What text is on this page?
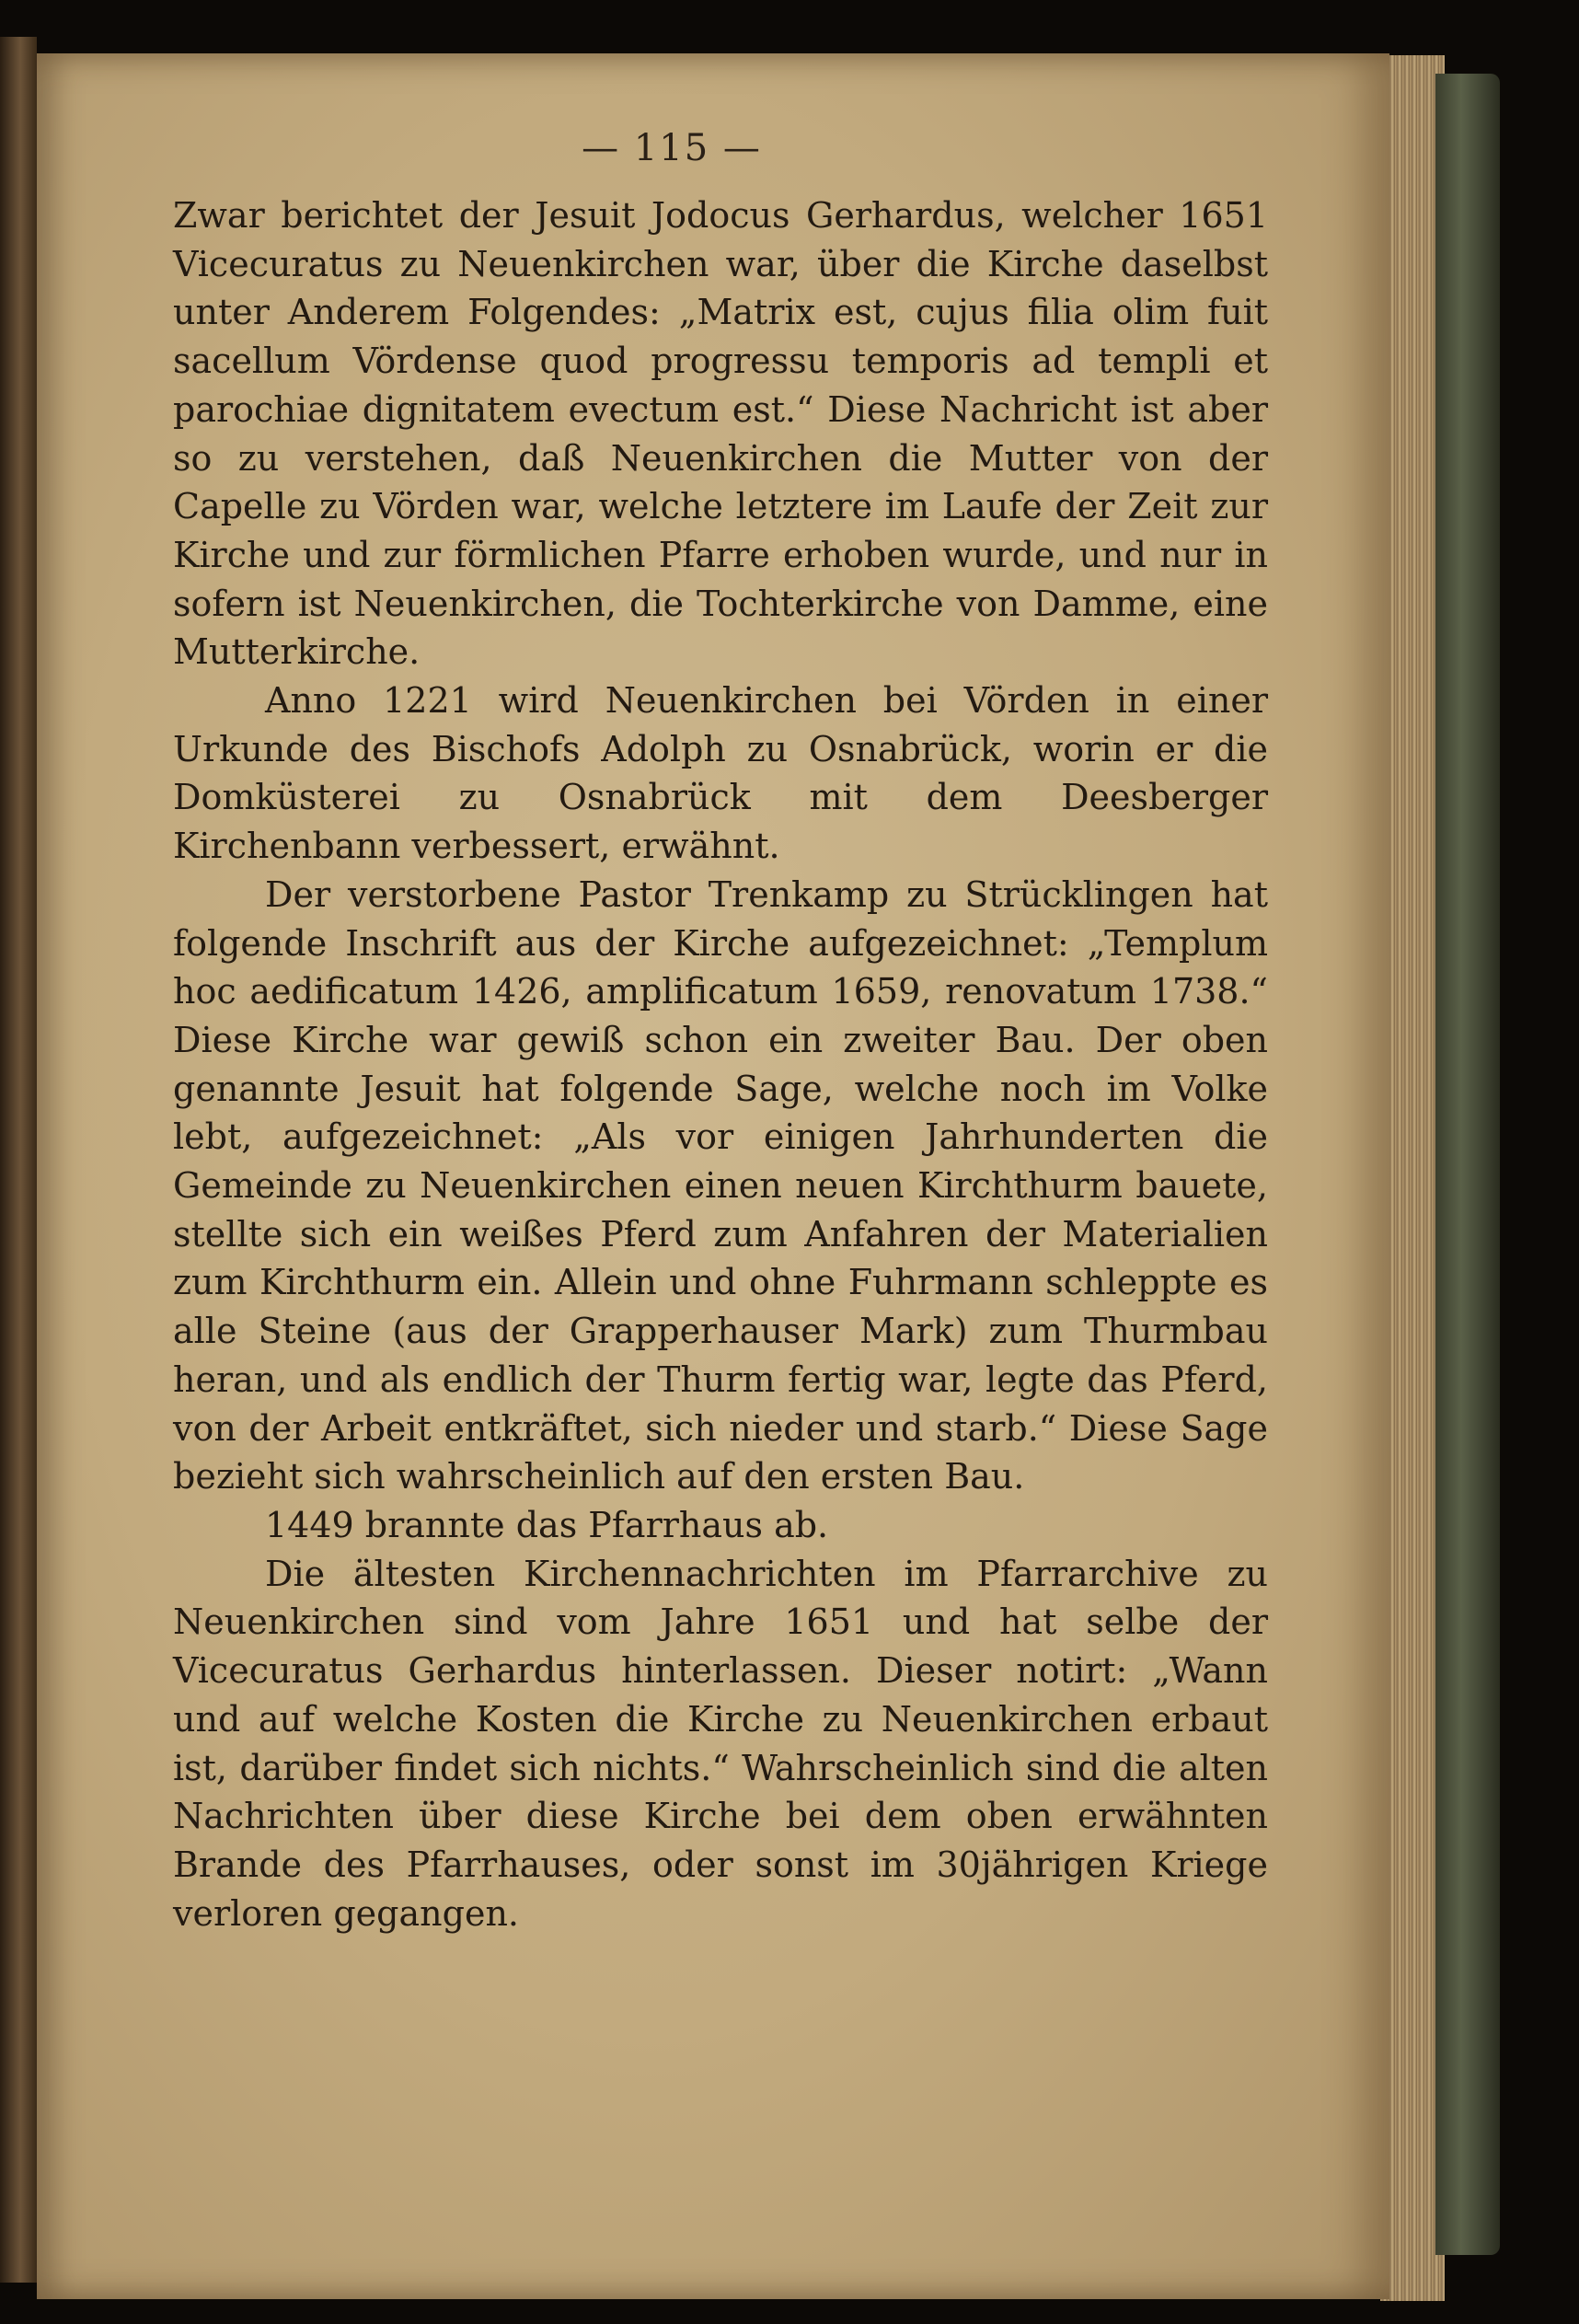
— 115 —

Zwar berichtet der Jesuit Jodocus Gerhardus, welcher 1651 Vicecuratus zu Neuenkirchen war, über die Kirche daselbst unter Anderem Folgendes: „Matrix est, cujus filia olim fuit sacellum Vördense quod progressu temporis ad templi et parochiae dignitatem evectum est.“ Diese Nachricht ist aber so zu verstehen, daß Neuenkirchen die Mutter von der Capelle zu Vörden war, welche letztere im Laufe der Zeit zur Kirche und zur förmlichen Pfarre erhoben wurde, und nur in sofern ist Neuenkirchen, die Tochterkirche von Damme, eine Mutterkirche.

Anno 1221 wird Neuenkirchen bei Vörden in einer Urkunde des Bischofs Adolph zu Osnabrück, worin er die Domküsterei zu Osnabrück mit dem Deesberger Kirchenbann verbessert, erwähnt.

Der verstorbene Pastor Trenkamp zu Strücklingen hat folgende Inschrift aus der Kirche aufgezeichnet: „Templum hoc aedificatum 1426, amplificatum 1659, renovatum 1738.“ Diese Kirche war gewiß schon ein zweiter Bau. Der oben genannte Jesuit hat folgende Sage, welche noch im Volke lebt, aufgezeichnet: „Als vor einigen Jahrhunderten die Gemeinde zu Neuenkirchen einen neuen Kirchthurm bauete, stellte sich ein weißes Pferd zum Anfahren der Materialien zum Kirchthurm ein. Allein und ohne Fuhrmann schleppte es alle Steine (aus der Grapperhauser Mark) zum Thurmbau heran, und als endlich der Thurm fertig war, legte das Pferd, von der Arbeit entkräftet, sich nieder und starb.“ Diese Sage bezieht sich wahrscheinlich auf den ersten Bau.

1449 brannte das Pfarrhaus ab.

Die ältesten Kirchennachrichten im Pfarrarchive zu Neuenkirchen sind vom Jahre 1651 und hat selbe der Vicecuratus Gerhardus hinterlassen. Dieser notirt: „Wann und auf welche Kosten die Kirche zu Neuenkirchen erbaut ist, darüber findet sich nichts.“ Wahrscheinlich sind die alten Nachrichten über diese Kirche bei dem oben erwähnten Brande des Pfarrhauses, oder sonst im 30jährigen Kriege verloren gegangen.
